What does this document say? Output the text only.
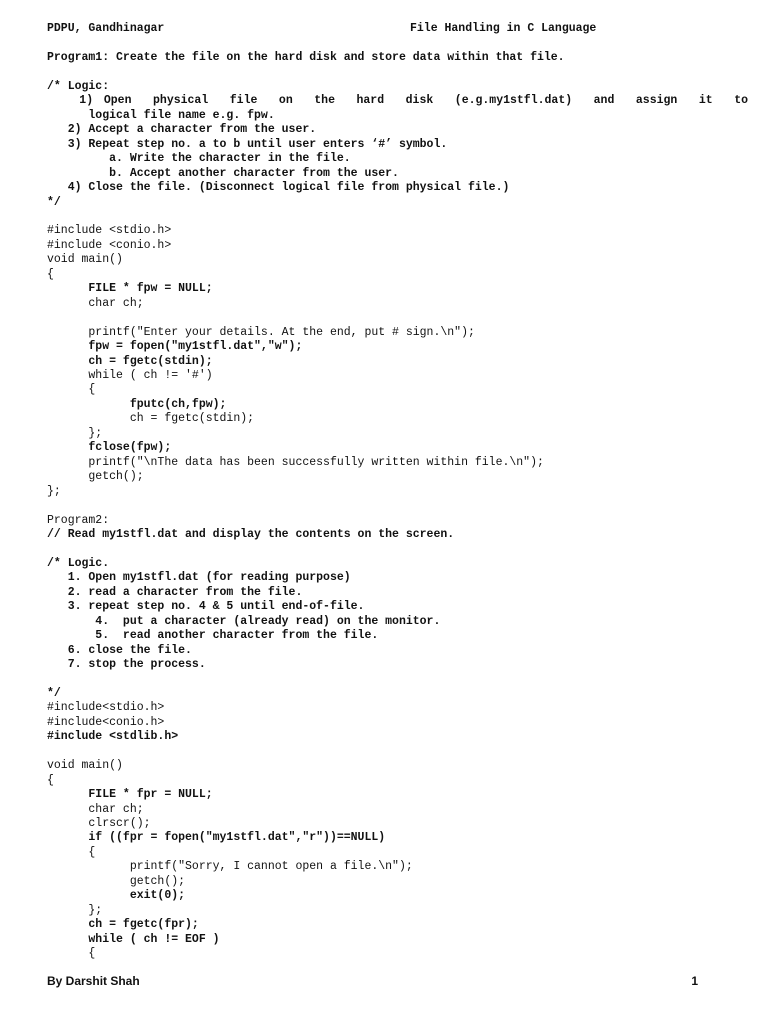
PDPU, Gandhinagar	File Handling in C Language
Program1: Create the file on the hard disk and store data within that file.
/* Logic:
1) Open  physical  file  on  the  hard  disk  (e.g.my1stfl.dat)  and  assign  it  to
logical file name e.g. fpw.
2) Accept a character from the user.
3) Repeat step no. a to b until user enters ‘#’ symbol.
a. Write the character in the file.
b. Accept another character from the user.
4) Close the file. (Disconnect logical file from physical file.)
*/
#include <stdio.h>
#include <conio.h>
void main()
{
FILE * fpw = NULL;
char ch;
printf("Enter your details. At the end, put # sign.\n");
fpw = fopen("my1stfl.dat","w");
ch = fgetc(stdin);
while ( ch != '#')
{
fputc(ch,fpw);
ch = fgetc(stdin);
};
fclose(fpw);
printf("\nThe data has been successfully written within file.\n");
getch();
};
Program2:
// Read my1stfl.dat and display the contents on the screen.
/* Logic.
1. Open my1stfl.dat (for reading purpose)
2. read a character from the file.
3. repeat step no. 4 & 5 until end-of-file.
4.  put a character (already read) on the monitor.
5.  read another character from the file.
6. close the file.
7. stop the process.
*/
#include<stdio.h>
#include<conio.h>
#include <stdlib.h>
void main()
{
FILE * fpr = NULL;
char ch;
clrscr();
if ((fpr = fopen("my1stfl.dat","r"))==NULL)
{
printf("Sorry, I cannot open a file.\n");
getch();
exit(0);
};
ch = fgetc(fpr);
while ( ch != EOF )
{
By Darshit Shah	1
